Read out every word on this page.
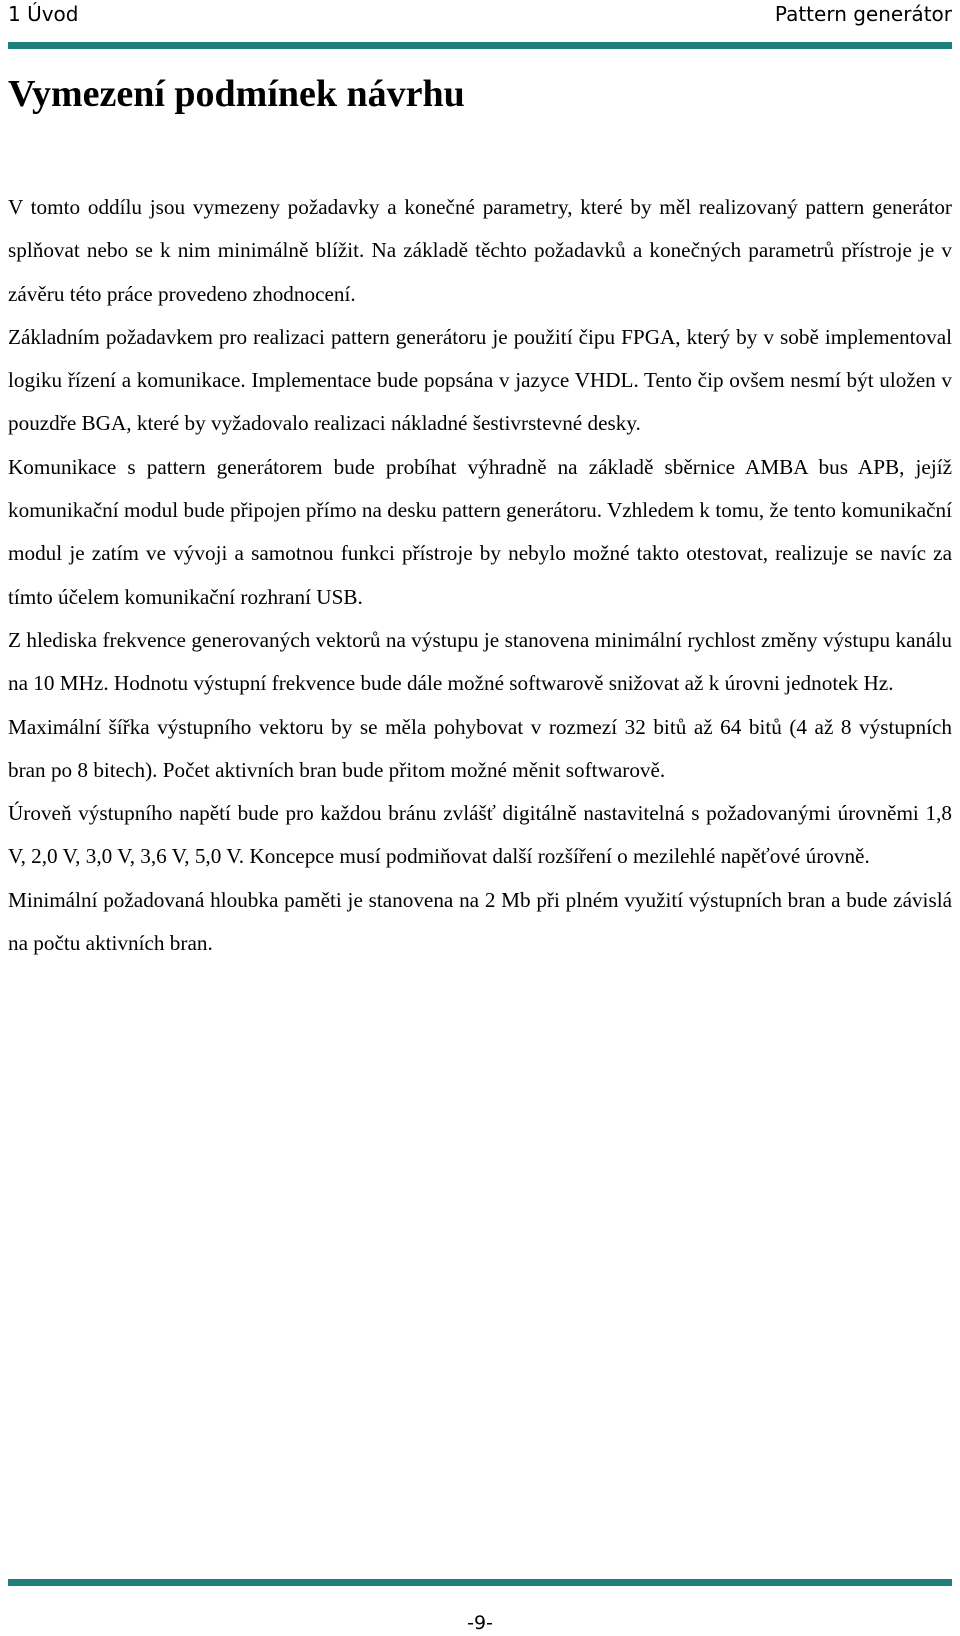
1 Úvod	Pattern generátor
Vymezení podmínek návrhu

V tomto oddílu jsou vymezeny požadavky a konečné parametry, které by měl realizovaný pattern generátor splňovat nebo se k nim minimálně blížit. Na základě těchto požadavků a konečných parametrů přístroje je v závěru této práce provedeno zhodnocení.

Základním požadavkem pro realizaci pattern generátoru je použití čipu FPGA, který by v sobě implementoval logiku řízení a komunikace. Implementace bude popsána v jazyce VHDL. Tento čip ovšem nesmí být uložen v pouzdře BGA, které by vyžadovalo realizaci nákladné šestivrstevné desky.

Komunikace s pattern generátorem bude probíhat výhradně na základě sběrnice AMBA bus APB, jejíž komunikační modul bude připojen přímo na desku pattern generátoru. Vzhledem k tomu, že tento komunikační modul je zatím ve vývoji a samotnou funkci přístroje by nebylo možné takto otestovat, realizuje se navíc za tímto účelem komunikační rozhraní USB.

Z hlediska frekvence generovaných vektorů na výstupu je stanovena minimální rychlost změny výstupu kanálu na 10 MHz. Hodnotu výstupní frekvence bude dále možné softwarově snižovat až k úrovni jednotek Hz.

Maximální šířka výstupního vektoru by se měla pohybovat v rozmezí 32 bitů až 64 bitů (4 až 8 výstupních bran po 8 bitech). Počet aktivních bran bude přitom možné měnit softwarově.

Úroveň výstupního napětí bude pro každou bránu zvlášť digitálně nastavitelná s požadovanými úrovněmi 1,8 V, 2,0 V, 3,0 V, 3,6 V, 5,0 V. Koncepce musí podmiňovat další rozšíření o mezilehlé napěťové úrovně.

Minimální požadovaná hloubka paměti je stanovena na 2 Mb při plném využití výstupních bran a bude závislá na počtu aktivních bran.

-9-
